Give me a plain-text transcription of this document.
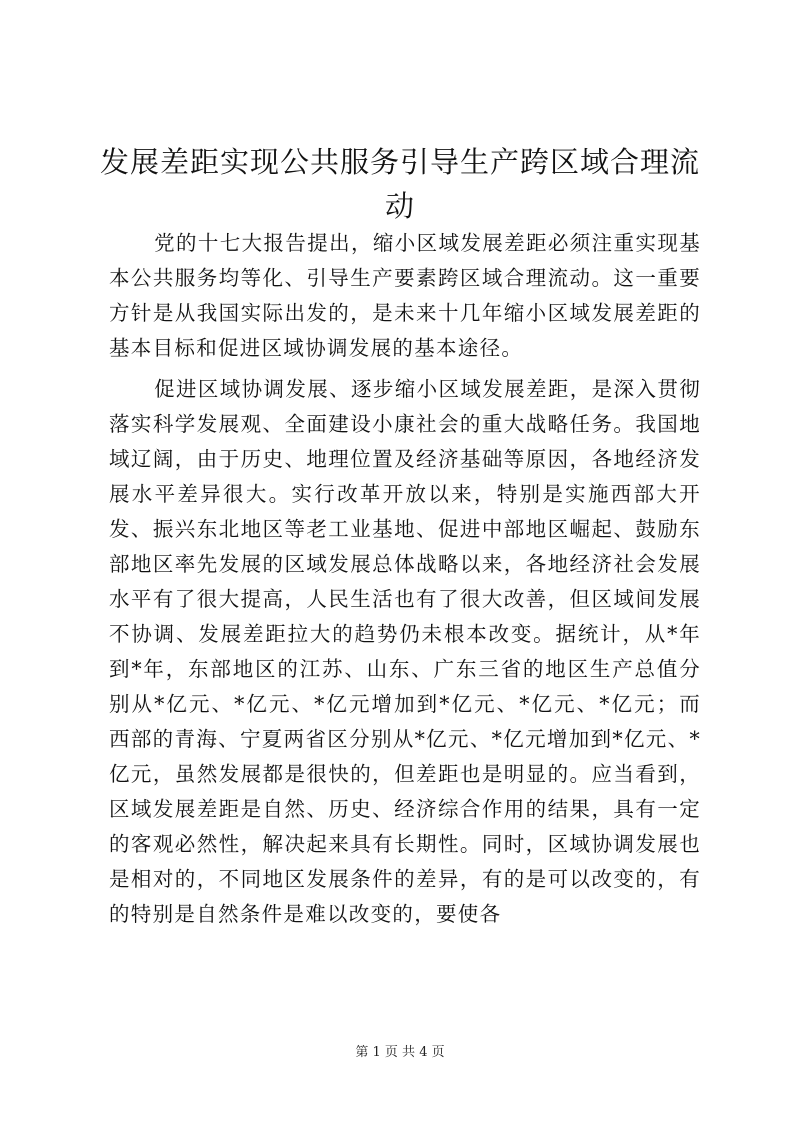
发展差距实现公共服务引导生产跨区域合理流动

党的十七大报告提出，缩小区域发展差距必须注重实现基本公共服务均等化、引导生产要素跨区域合理流动。这一重要方针是从我国实际出发的，是未来十几年缩小区域发展差距的基本目标和促进区域协调发展的基本途径。

促进区域协调发展、逐步缩小区域发展差距，是深入贯彻落实科学发展观、全面建设小康社会的重大战略任务。我国地域辽阔，由于历史、地理位置及经济基础等原因，各地经济发展水平差异很大。实行改革开放以来，特别是实施西部大开发、振兴东北地区等老工业基地、促进中部地区崛起、鼓励东部地区率先发展的区域发展总体战略以来，各地经济社会发展水平有了很大提高，人民生活也有了很大改善，但区域间发展不协调、发展差距拉大的趋势仍未根本改变。据统计，从*年到*年，东部地区的江苏、山东、广东三省的地区生产总值分别从*亿元、*亿元、*亿元增加到*亿元、*亿元、*亿元；而西部的青海、宁夏两省区分别从*亿元、*亿元增加到*亿元、*亿元，虽然发展都是很快的，但差距也是明显的。应当看到，区域发展差距是自然、历史、经济综合作用的结果，具有一定的客观必然性，解决起来具有长期性。同时，区域协调发展也是相对的，不同地区发展条件的差异，有的是可以改变的，有的特别是自然条件是难以改变的，要使各

第 1 页 共 4 页
